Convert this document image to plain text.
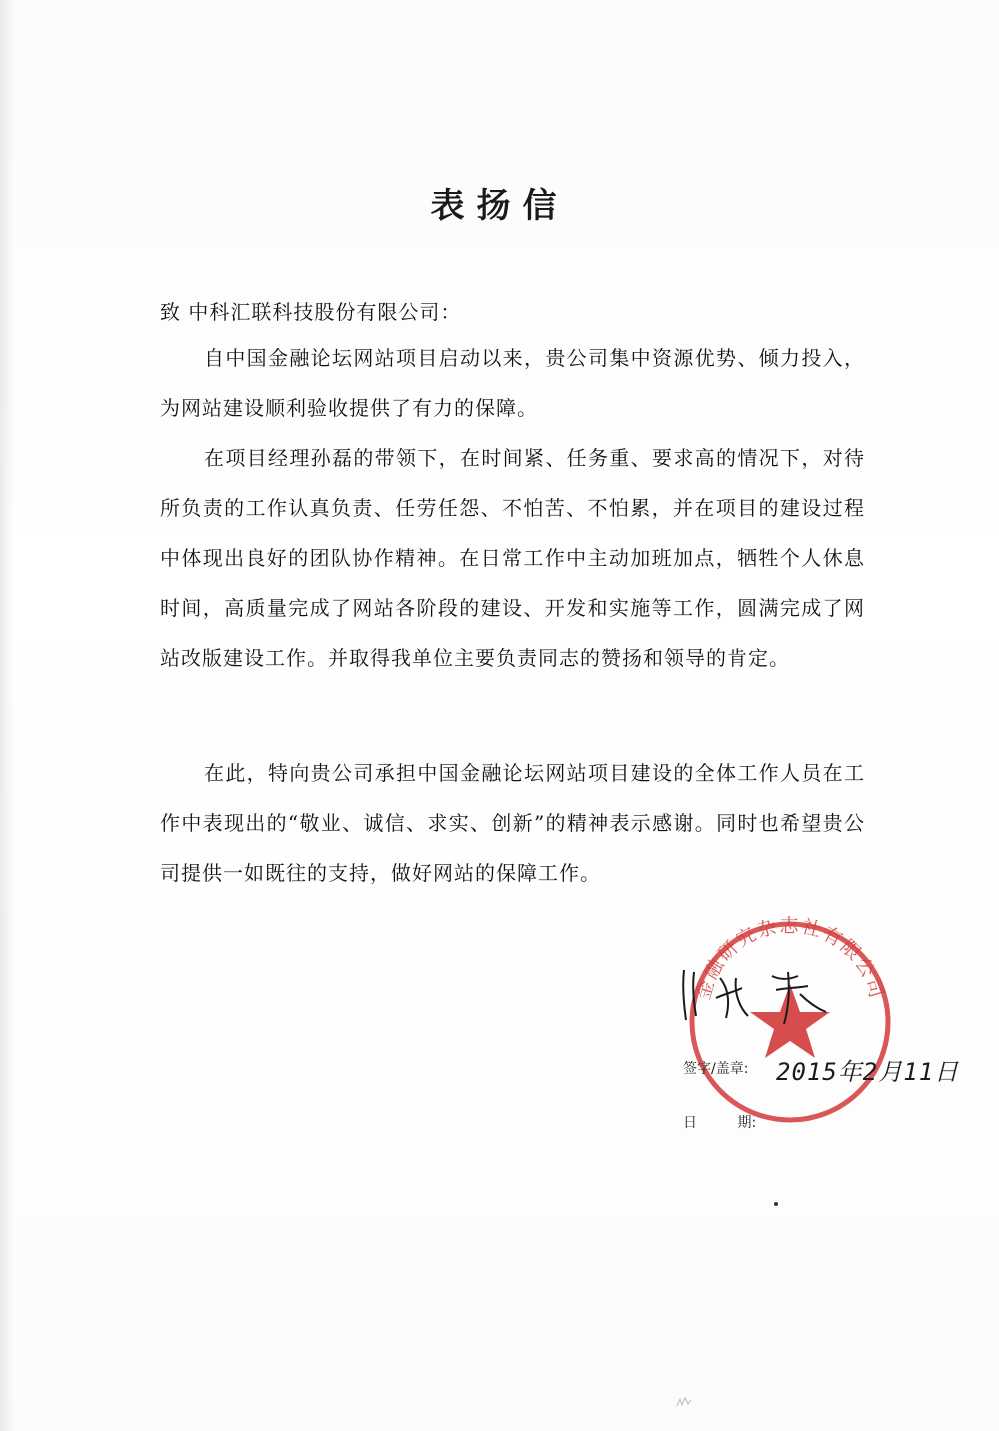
表扬信
致 中科汇联科技股份有限公司：
自中国金融论坛网站项目启动以来，贵公司集中资源优势、倾力投入，为网站建设顺利验收提供了有力的保障。
在项目经理孙磊的带领下，在时间紧、任务重、要求高的情况下，对待所负责的工作认真负责、任劳任怨、不怕苦、不怕累，并在项目的建设过程中体现出良好的团队协作精神。在日常工作中主动加班加点，牺牲个人休息时间，高质量完成了网站各阶段的建设、开发和实施等工作，圆满完成了网站改版建设工作。并取得我单位主要负责同志的赞扬和领导的肯定。
在此，特向贵公司承担中国金融论坛网站项目建设的全体工作人员在工作中表现出的“敬业、诚信、求实、创新”的精神表示感谢。同时也希望贵公司提供一如既往的支持，做好网站的保障工作。
金融研究杂志社有限公司
签字/盖章: 2015年2月11日
日 期:
